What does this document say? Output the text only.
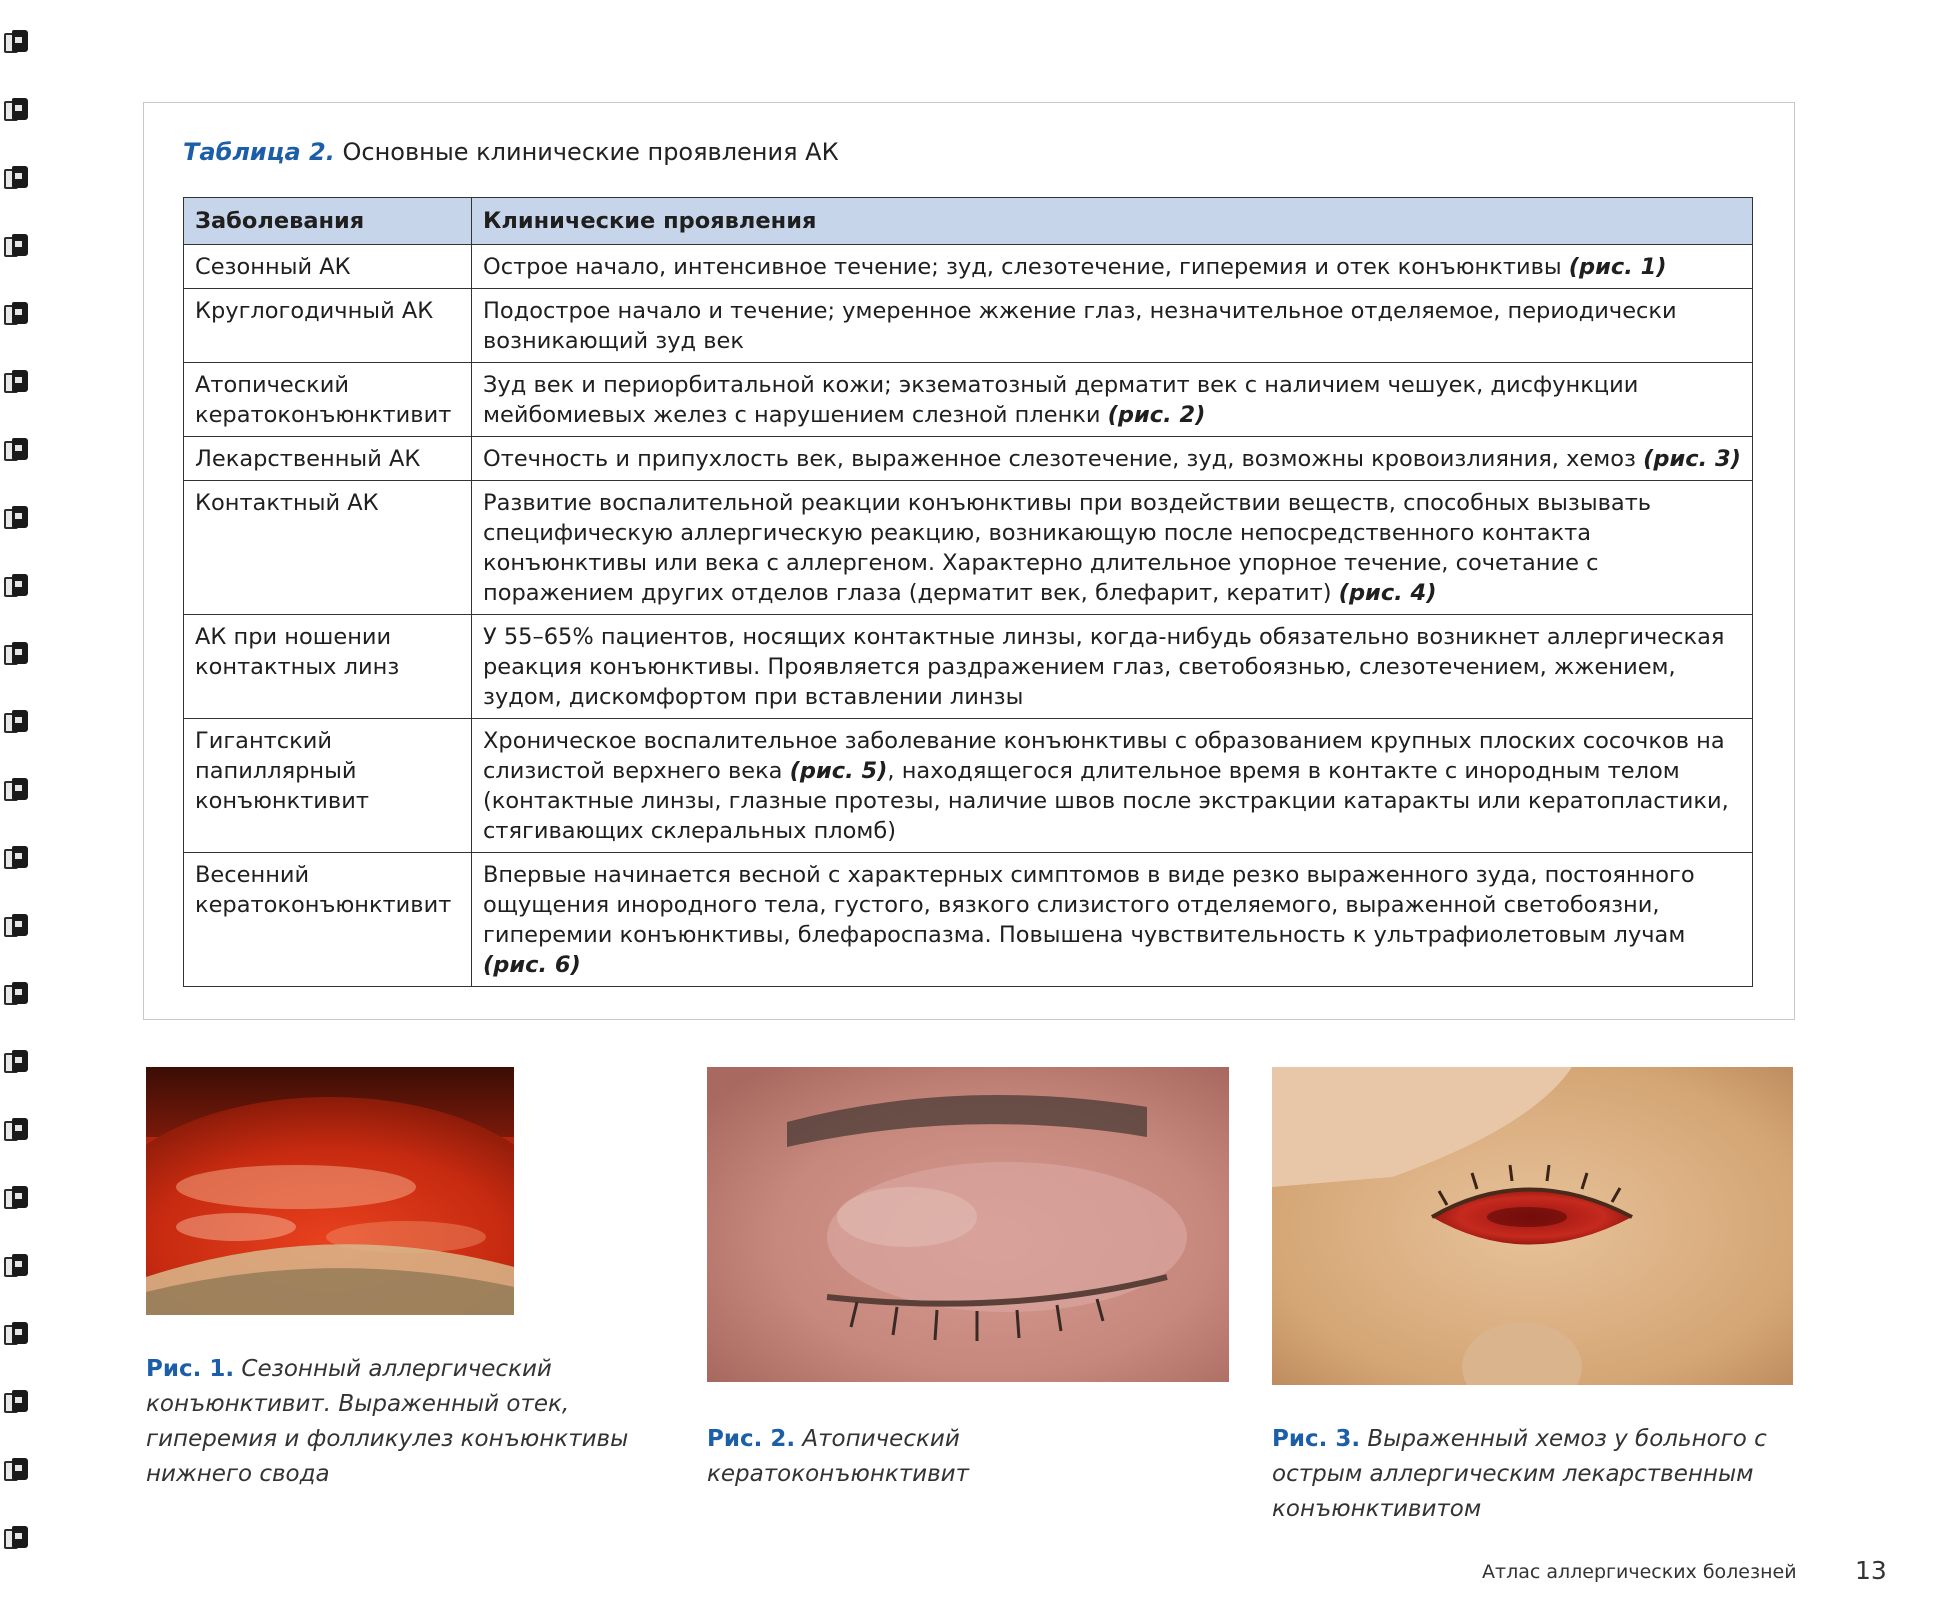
Таблица 2. Основные клинические проявления АК
Заболевания	Клинические проявления
Сезонный АК	Острое начало, интенсивное течение; зуд, слезотечение, гиперемия и отек конъюнктивы (рис. 1)
Круглогодичный АК	Подострое начало и течение; умеренное жжение глаз, незначительное отделяемое, периодически возникающий зуд век
Атопический кератоконъюнктивит	Зуд век и периорбитальной кожи; экзематозный дерматит век с наличием чешуек, дисфункции мейбомиевых желез с нарушением слезной пленки (рис. 2)
Лекарственный АК	Отечность и припухлость век, выраженное слезотечение, зуд, возможны кровоизлияния, хемоз (рис. 3)
Контактный АК	Развитие воспалительной реакции конъюнктивы при воздействии веществ, способных вызывать специфическую аллергическую реакцию, возникающую после непосредственного контакта конъюнктивы или века с аллергеном. Характерно длительное упорное течение, сочетание с поражением других отделов глаза (дерматит век, блефарит, кератит) (рис. 4)
АК при ношении контактных линз	У 55–65% пациентов, носящих контактные линзы, когда-нибудь обязательно возникнет аллергическая реакция конъюнктивы. Проявляется раздражением глаз, светобоязнью, слезотечением, жжением, зудом, дискомфортом при вставлении линзы
Гигантский папиллярный конъюнктивит	Хроническое воспалительное заболевание конъюнктивы с образованием крупных плоских сосочков на слизистой верхнего века (рис. 5), находящегося длительное время в контакте с инородным телом (контактные линзы, глазные протезы, наличие швов после экстракции катаракты или кератопластики, стягивающих склеральных пломб)
Весенний кератоконъюнктивит	Впервые начинается весной с характерных симптомов в виде резко выраженного зуда, постоянного ощущения инородного тела, густого, вязкого слизистого отделяемого, выраженной светобоязни, гиперемии конъюнктивы, блефароспазма. Повышена чувствительность к ультрафиолетовым лучам (рис. 6)
Рис. 1. Сезонный аллергический конъюнктивит. Выраженный отек, гиперемия и фолликулез конъюнктивы нижнего свода
Рис. 2. Атопический кератоконъюнктивит
Рис. 3. Выраженный хемоз у больного с острым аллергическим лекарственным конъюнктивитом
Атлас аллергических болезней 13
